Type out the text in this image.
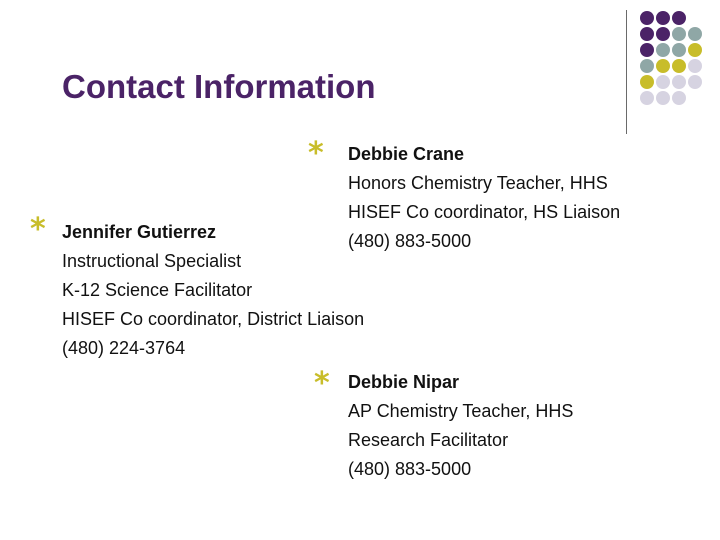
Contact Information
* Debbie Crane
Honors Chemistry Teacher, HHS
HISEF Co coordinator, HS Liaison
(480) 883-5000
* Jennifer Gutierrez
Instructional Specialist
K-12 Science Facilitator
HISEF Co coordinator, District Liaison
(480) 224-3764
* Debbie Nipar
AP Chemistry Teacher, HHS
Research Facilitator
(480) 883-5000
